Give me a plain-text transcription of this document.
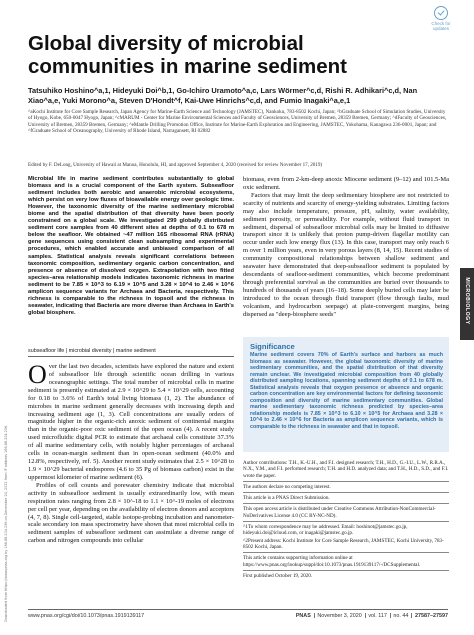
Downloaded from https://www.pnas.org by 166.88.204.236 on December 24, 2022 from IP address 166.88.204.236.
Check for
updates
Global diversity of microbial communities in marine sediment
Tatsuhiko Hoshino^a,1, Hideyuki Doi^b,1, Go-Ichiro Uramoto^a,c, Lars Wörmer^c,d, Rishi R. Adhikari^c,d, Nan Xiao^a,e, Yuki Morono^a, Steven D'Hondt^f, Kai-Uwe Hinrichs^c,d, and Fumio Inagaki^a,e,1
^aKochi Institute for Core Sample Research, Japan Agency for Marine-Earth Science and Technology (JAMSTEC), Nankoku, 783-8502 Kochi, Japan; ^bGraduate School of Simulation Studies, University of Hyogo, Kobe, 650-0047 Hyogo, Japan; ^cMARUM - Center for Marine Environmental Sciences and Faculty of Geosciences, University of Bremen, 28359 Bremen, Germany; ^dFaculty of Geosciences, University of Bremen, 28359 Bremen, Germany; ^eMantle Drilling Promotion Office, Institute for Marine-Earth Exploration and Engineering, JAMSTEC, Yokohama, Kanagawa 236-0001, Japan; and ^fGraduate School of Oceanography, University of Rhode Island, Narragansett, RI 02882
Edited by F. DeLong, University of Hawaii at Manoa, Honolulu, HI, and approved September 4, 2020 (received for review November 17, 2019)
MICROBIOLOGY
Microbial life in marine sediment contributes substantially to global biomass and is a crucial component of the Earth system. Subseafloor sediment includes both aerobic and anaerobic microbial ecosystems, which persist on very low fluxes of bioavailable energy over geologic time. However, the taxonomic diversity of the marine sedimentary microbial biome and the spatial distribution of that diversity have been poorly constrained on a global scale. We investigated 299 globally distributed sediment core samples from 40 different sites at depths of 0.1 to 678 m below the seafloor. We obtained ~47 million 16S ribosomal RNA (rRNA) gene sequences using consistent clean subsampling and experimental procedures, which enabled accurate and unbiased comparison of all samples. Statistical analysis reveals significant correlations between taxonomic composition, sedimentary organic carbon concentration, and presence or absence of dissolved oxygen. Extrapolation with two fitted species–area relationship models indicates taxonomic richness in marine sediment to be 7.85 × 10^3 to 6.19 × 10^5 and 3.28 × 10^4 to 2.46 × 10^6 amplicon sequence variants for Archaea and Bacteria, respectively. This richness is comparable to the richness in topsoil and the richness in seawater, indicating that Bacteria are more diverse than Archaea in Earth's global biosphere.
subseafloor life | microbial diversity | marine sediment
Over the last two decades, scientists have explored the nature and extent of subseafloor life through scientific ocean drilling in various oceanographic settings. The total number of microbial cells in marine sediment is presently estimated at 2.9 × 10^29 to 5.4 × 10^29 cells, accounting for 0.18 to 3.6% of Earth's total living biomass (1, 2). The abundance of microbes in marine sediment generally decreases with increasing depth and increasing sediment age (1, 3). Cell concentrations are usually orders of magnitude higher in the organic-rich anoxic sediment of continental margins than in the organic-poor oxic sediment of the open ocean (4). A recent study used microfluidic digital PCR to estimate that archaeal cells constitute 37.3% of all marine sedimentary cells, with notably higher percentages of archaeal cells in ocean-margin sediment than in open-ocean sediment (40.0% and 12.8%, respectively, ref. 5). Another recent study estimates that 2.5 × 10^28 to 1.9 × 10^29 bacterial endospores (4.6 to 35 Pg of biomass carbon) exist in the uppermost kilometer of marine sediment (6).
Profiles of cell counts and porewater chemistry indicate that microbial activity in subseafloor sediment is usually extraordinarily low, with mean respiration rates ranging from 2.8 × 10^-18 to 1.1 × 10^-19 moles of electrons per cell per year, depending on the availability of electron donors and acceptors (4, 7, 8). Single cell-targeted, stable isotope-probing incubation and nanometer-scale secondary ion mass spectrometry have shown that most microbial cells in sediment samples of subseafloor sediment can assimilate a diverse range of carbon and nitrogen compounds into cellular
biomass, even from 2-km-deep anoxic Miocene sediment (9–12) and 101.5-Ma oxic sediment.
Factors that may limit the deep sedimentary biosphere are not restricted to scarcity of nutrients and scarcity of energy-yielding substrates. Limiting factors may also include temperature, pressure, pH, salinity, water availability, sediment porosity, or permeability. For example, without fluid transport in sediment, dispersal of subseafloor microbial cells may be limited to diffusive transport since it is unlikely that proton pump-driven flagellar motility can occur under such low energy flux (13). In this case, transport may only reach 6 m over 1 million years, even in very porous layers (8, 14, 15). Recent studies of community compositional relationships between shallow sediment and seawater have demonstrated that deep-subseafloor sediment is populated by descendants of seafloor-sediment communities, which become predominant through preferential survival as the communities are buried over thousands to hundreds of thousands of years (16–18). Some deeply buried cells may later be introduced to the ocean through fluid transport (flow through faults, mud volcanism, and hydrocarbon seepage) at plate-convergent margins, being dispersed as "deep-biosphere seeds"
Significance
Marine sediment covers 70% of Earth's surface and harbors as much biomass as seawater. However, the global taxonomic diversity of marine sedimentary communities, and the spatial distribution of that diversity remain unclear. We investigated microbial composition from 40 globally distributed sampling locations, spanning sediment depths of 0.1 to 678 m. Statistical analysis reveals that oxygen presence or absence and organic carbon concentration are key environmental factors for defining taxonomic composition and diversity of marine sedimentary communities. Global marine sedimentary taxonomic richness predicted by species–area relationship models is 7.85 × 10^3 to 6.10 × 10^5 for Archaea and 3.28 × 10^4 to 2.46 × 10^6 for Bacteria as amplicon sequence variants, which is comparable to the richness in seawater and that in topsoil.
Author contributions: T.H., K.-U.H., and F.I. designed research; T.H., H.D., G.-I.U., L.W., R.R.A., N.X., Y.M., and F.I. performed research; T.H. and H.D. analyzed data; and T.H., H.D., S.D., and F.I. wrote the paper.
The authors declare no competing interest.
This article is a PNAS Direct Submission.
This open access article is distributed under Creative Commons Attribution-NonCommercial-NoDerivatives License 4.0 (CC BY-NC-ND).
^1To whom correspondence may be addressed. Email: hoshinot@jamstec.go.jp, hideyuki.doi@icloud.com, or inagaki@jamstec.go.jp.
^2Present address: Kochi Institute for Core Sample Research, JAMSTEC, Kochi University, 783-8502 Kochi, Japan.
This article contains supporting information online at https://www.pnas.org/lookup/suppl/doi:10.1073/pnas.1919139117/-/DCSupplemental.
First published October 19, 2020.
www.pnas.org/cgi/doi/10.1073/pnas.1919139117	PNAS November 3, 2020 vol. 117 no. 44 27587–27597
